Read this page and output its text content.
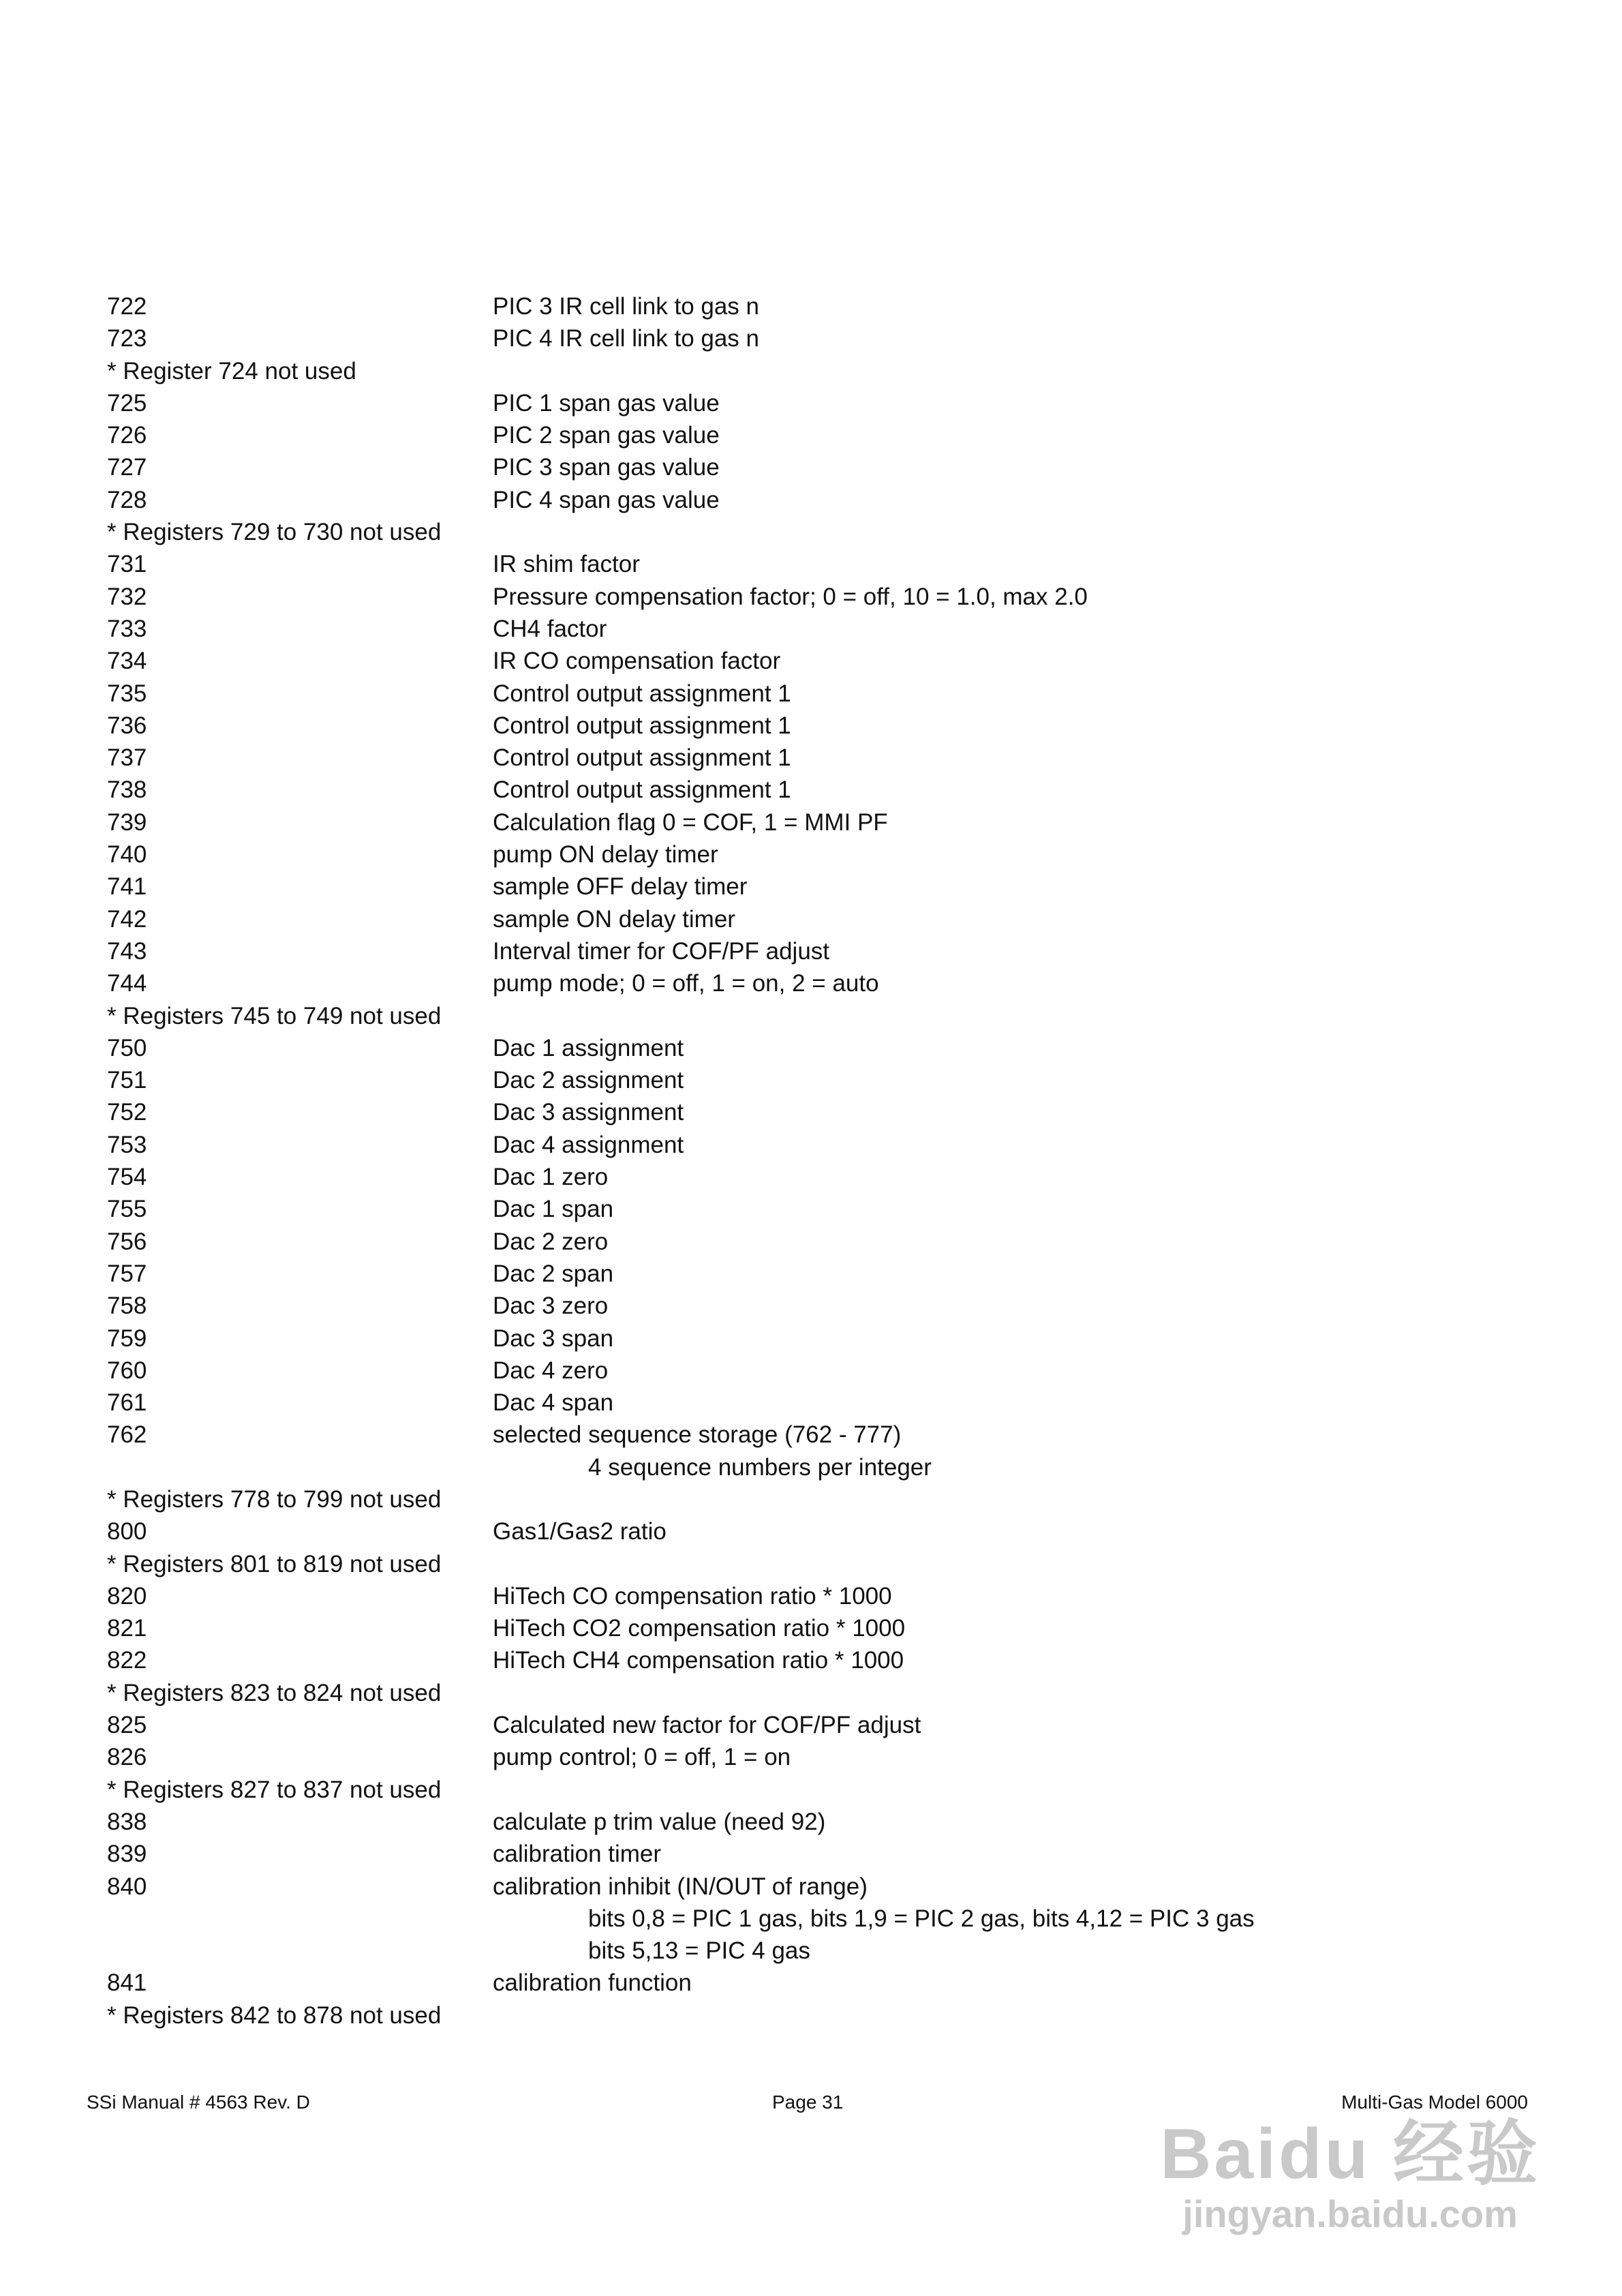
722	PIC 3 IR cell link to gas n
723	PIC 4 IR cell link to gas n
* Register 724 not used
725	PIC 1 span gas value
726	PIC 2 span gas value
727	PIC 3 span gas value
728	PIC 4 span gas value
* Registers 729 to 730 not used
731	IR shim factor
732	Pressure compensation factor; 0 = off, 10 = 1.0, max 2.0
733	CH4 factor
734	IR CO compensation factor
735	Control output assignment 1
736	Control output assignment 1
737	Control output assignment 1
738	Control output assignment 1
739	Calculation flag 0 = COF, 1 = MMI PF
740	pump ON delay timer
741	sample OFF delay timer
742	sample ON delay timer
743	Interval timer for COF/PF adjust
744	pump mode; 0 = off, 1 = on, 2 = auto
* Registers 745 to 749 not used
750	Dac 1 assignment
751	Dac 2 assignment
752	Dac 3 assignment
753	Dac 4 assignment
754	Dac 1 zero
755	Dac 1 span
756	Dac 2 zero
757	Dac 2 span
758	Dac 3 zero
759	Dac 3 span
760	Dac 4 zero
761	Dac 4 span
762	selected sequence storage (762 - 777)
4 sequence numbers per integer
* Registers 778 to 799 not used
800	Gas1/Gas2 ratio
* Registers 801 to 819 not used
820	HiTech CO compensation ratio * 1000
821	HiTech CO2 compensation ratio * 1000
822	HiTech CH4 compensation ratio * 1000
* Registers 823 to 824 not used
825	Calculated new factor for COF/PF adjust
826	pump control; 0 = off, 1 = on
* Registers 827 to 837 not used
838	calculate p trim value (need 92)
839	calibration timer
840	calibration inhibit (IN/OUT of range)
bits 0,8 = PIC 1 gas, bits 1,9 = PIC 2 gas, bits 4,12 = PIC 3 gas
bits 5,13 = PIC 4 gas
841	calibration function
* Registers 842 to 878 not used
SSi Manual # 4563 Rev. D	Page 31	Multi-Gas Model 6000
Baidu 经验
jingyan.baidu.com
